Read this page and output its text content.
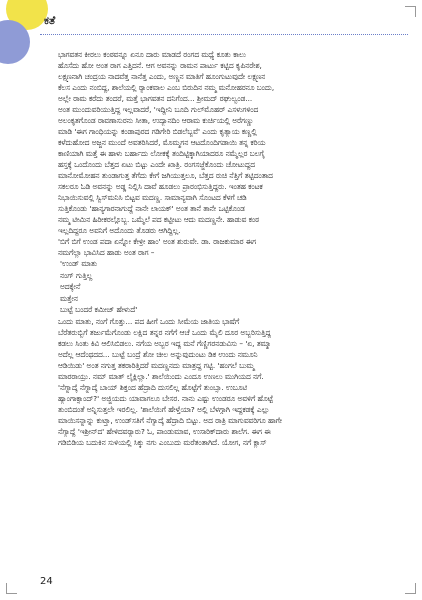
ಕತೆ
ಭಾಗವತನ ಕೀರಲು ಕಂಠವನ್ನೂ ಏನೂ ದಾರು ಮಾಡದೆ ರಂಗದ ಮಧ್ಯೆ ಕೂತು ಕಾಲು
ಹೊಸೆದು ಹೋ ಅಂತ ರಾಗ ಎತ್ತಿದನೆ. ಆಗ ಅವನನ್ನು ರಾಮನ ಪಾರ್ಟು ಕಟ್ಟಿದ ಕೃಪಿನರೇಶ,
ಲಕ್ಷ್ಮಣನಾಗಿ ಚಂದ್ರಯ ನಾದವೆತ್ತ ನಾನೆತ್ತ ಎಂದು, ಅಣ್ಣನ ಮಾತಿಗೆ ಹೂಂಗುಟುವುದೇ ಲಕ್ಷ್ಮಣನ
ಕೆಲಸ ಎಂದು ನಂಬಿದ್ದ, ಶಾಲೆಯಲ್ಲಿ ರ್‍ಯಾಂಕವಾಲ ಎಂಬ ಬಿರುದಿನ ನಮ್ಮ ಮನೋಹರನೂ ಬಂದು,
ಅಲ್ಲೇ ರಾಮ ಕರೆದು ತಂದರೆ, ಮತ್ತೆ ಭಾಗವತನ ದನಿಗೆಂದ... ಶ್ರೀಮದ್ ರಘುಲ್ವಂಡ...
ಅಂತ ಮುಂದುವರಿಯುತ್ತಿದ್ದ ಇಲ್ಲವಾದರೆ, 'ಇದ್ದೀನಿ ಬೂದಿ ಗುಲ್‌ಮೊಹರ್ ಎಸಳುಗಳಿಂದ
ಅಲಂಕೃತಗೊಂಡ ರಾವಣಾಸುರನು ಸೀತಾ, ಉದ್ಯಾನದಿಂ ಆರಾಮ ಕುರ್ಚಿಯಲ್ಲಿ ಅರೆಗಣ್ಣು
ಮಾಡಿ 'ಈಗ ಗಾಂಧಿಯನ್ನು ಕಂಡಾಪುರದ ಗಡಿಗೇರಿ ಬಿಡಲೆಬ್ಬವೆ' ಎಂದು ಕೃತ್ಯಾಯ ಕಣ್ಣಲ್ಲಿ
ಕಳೆದುಹೋದ ಅಜ್ಜನ ಮುಂದೆ ಅವತರಿಸಿದರೆ, ಮೊಮ್ಮಗನ ಆಟದೊಂದಿಗಡಾಯಿ ತನ್ನ ಕರಿಯ
ಕಾಣಿಯಾಗಿ ಮತ್ತೆ ಈ ಹಾಳು ಬರ್ಹಾದು ಲೋಕಕ್ಕೆ ತಂದಿಟ್ಟಿಕ್ಕಾಗಿಯಾದರೂ ನಮ್ಮೆಲ್ಲರ ಬಲಗೈ
ಹಸ್ತಕ್ಕೆ ಒಂದೊಂದು ಬೆತ್ತದ ಏಟು ಬಿಟ್ಟು ಎಂದೇ ಖಾತ್ರಿ. ರಂಗಸಜ್ಜೆಕೊಂದು ಚೋಟುದ್ದದ
ಮಾನೋಮೋಹನ ತುಂಡಾಗುತ್ತ ತೆಗೆದು ಕೇಗೆ ಜಗಿಯುತ್ತಲೂ, ಬೆತ್ತದ ರುಚಿ ನೆತ್ತಿಗೆ ತಟ್ಟಿದಂತಾದ
ಸಕಲರೂ ಓಡಿ ಅವನನ್ನು ಅಡ್ಡ ನಿಲ್ಲಿಸಿ ದಾವೆ ಹೂಡಲು ಪ್ರಾರಂಭಿಸುತ್ತಿದ್ದರು. ಇಂತಹ ಕಂಟಕ
ನಿಭಾಯಿಸುವಲ್ಲಿ ಸ್ವಿಸ್‌ಮನಿಸಿ ಬಿಟ್ಟವ ಮದಣ್ಣ. ಸಾಮಾನ್ಯವಾಗಿ ಸೊಂಟದ ಕೆಳಗೆ ಚಡಿ
ಸುತ್ತಿಕೊಂಡು 'ಹಾನ್ಯಗಾರನಾಗುದ್ದೆ ನಾನೇ ಲಾಯಕ್' ಅಂತ ತಾನೆ ತಾನೇ ಒಟ್ಟಿಕೊಂಡ
ನಮ್ಮ ಟೀಮಿನ ಹಿರೀಕರಲ್ಲೊಬ್ಬ. ಒಮ್ಮೆಲೆ ಪದ ಕಟ್ಟೀಟು ಆದು ಮದಣ್ಣನೇ. ಹಾಡುವ ಕಂಠ
ಇಲ್ಲದಿದ್ದರೂ ಅವನಿಗೆ ಅದೊಂದು ತೊಡರು ಆಗಿದ್ದಿಲ್ಲ.
'ಬಿಗೆ ಬಿಗೆ ಉಂಡ ಪದಾ ಏನ್ನೋ ಕೇಳ್ರೀ ಹಾಂ' ಅಂತ ಶುರುವೇ. ಡಾ. ರಾಜಕುಮಾರ ಈಗ
ನಮಗೆಲ್ಲಾ ಭಾವಿಸಿದ ಹಾಡು ಅಂತ ರಾಗ –
'ಉಂಡ್ ಮಾತು
ನಂಗ್ ಗುತ್ತಿಲ್ದ
ಅದಕ್ಕೇನೆ
ಮತ್ತೇನ
ಬುಟ್ಟೆ ಬಂದರೆ ಕಮೀಜ್ ಹೇಳುದೆ'
ಒಂದು ಮಾತು, ನಂಗೆ ಗೊತ್ತು... ಪದ ಹೀಗೆ ಒಂದು ಸೀಮೆಯ ಜಾತಿಯ ಭಾಷೆಗೆ
ಬೆರೆತರುಬ್ಬಿಗೆ ತರ್ಜುಮೆಗೊಂಡು ಲಕ್ಷಿದ ತನ್ನರ ನಗೆಗೆ ಆಚೆ ಒಂದು ಮೈಲಿ ದೂರ ಅಬ್ಬರಿಸುತ್ತಿದ್ದ
ಕಡಲು ಸಿಂತು ಕಿವಿ ಆಲಿಸಿಬಿಡಲು. ನಗೆಯ ಅಬ್ಬರ ಇದ್ದ ಮನೆ ಗೆಣ್ಣಿಗರನಡುವಿಸು – 'ಏ, ತಮ್ಮಾ
ಅದೆಲ್ಲ ಆದೆಂಥದದ... ಬುಟ್ಟೆ ಬಂದ್ರೆ ಶೋ ಚೀಲ ಅನ್ನುವುದುಂಟು ಡಿಕ ಉಂದು ನಮೂನಿ
ಆಡಿಯಿಡು' ಅಂತ ನಗುತ್ತ ತಕರಾರಿತ್ತಿದರೆ ಮದಣ್ಣನದು ಮಾತ್ರದ್ದ ಗಟ್ಟಿ. 'ಹಂಗಲೆ ಬುಮ್ಮ
ಮಾರರಾಯ್ರು. ನಮ್ ಮಾತ್ ಲೈಕ್ಲಿಲ್ಲಾ.' ಶಾಲೆಯಿಂದು ಎಂದೂ ಉಣಲು ಮುಗಿಯದ ನಗೆ.
'ನೆಗ್ನಾದ್ಕೆ ನೆಗ್ನಾದ್ಕೆ ಬಾಯ್ ಶಿಕ್ತಂದ ಹೆದ್ರಾದಿ ದುಸಲಿಲ್ಲ ಹೊಟ್ಟೆಗೆ ತುಂಬ್ಸಾ. ಉಬೂಟಿ
ಹ್ಯಾಂಗಾಕ್ಸಾಂದ್?' ಅಜ್ಜಿಯದು ಯಾವಾಗಲೂ ಬೇಸರ. ನಾನು ಎಷ್ಟು ಉಂಡರೂ ಅವಳಿಗೆ ಹೊಟ್ಟೆ
ತುಂಬಿದಂತೆ ಅನ್ನಿಸುತ್ತಲೇ ಇರಲಿಲ್ಲ. 'ಶಾಲೆಯಿಗೆ ಹೇಳ್ತೆಯಾ? ಅಲ್ಲಿ ಬೆಳಗ್ಗಾಗಿ ಇದ್ದಕಡಕ್ಕೆ ಎಲ್ಲು
ಮಾಯಿಸನ್ನಾನ್ನು ಕುಟ್ತ್ರಾ, ಉಂಡ್‌ಸತಿಗೆ ನೆಗ್ಯಾದ್ಕೆ ಹೆದ್ರಾದಿ ಬಿಟ್ಟು. ಅದ ರಾತ್ರಿ ಮಾಗುವವರಿಗೂ ಹಾಗೇ
ನೆಗ್ಯಾದ್ದೆ 'ಇಶ್ರೀನ್‌ದ' ಹೇಳಿದವರ್‍ಯಾರು? ಓ, ಪಾಂಡುಮಾವ, ಉಸಾರಿಕ್‌ದಾರು ಶಾಲೆಗ. ಈಗ ಈ
ಗಡಿಬಿಡಿಯ ಬದುಕಿನ ಸುಳಿಯಲ್ಲಿ ಸಿಕ್ಕು ನಗು ಎಂಬುದು ಮರೆತಂತಾಗಿದೆ. ಯೋಗ, ನಗೆ ಕ್ಲಾಸ್
24
